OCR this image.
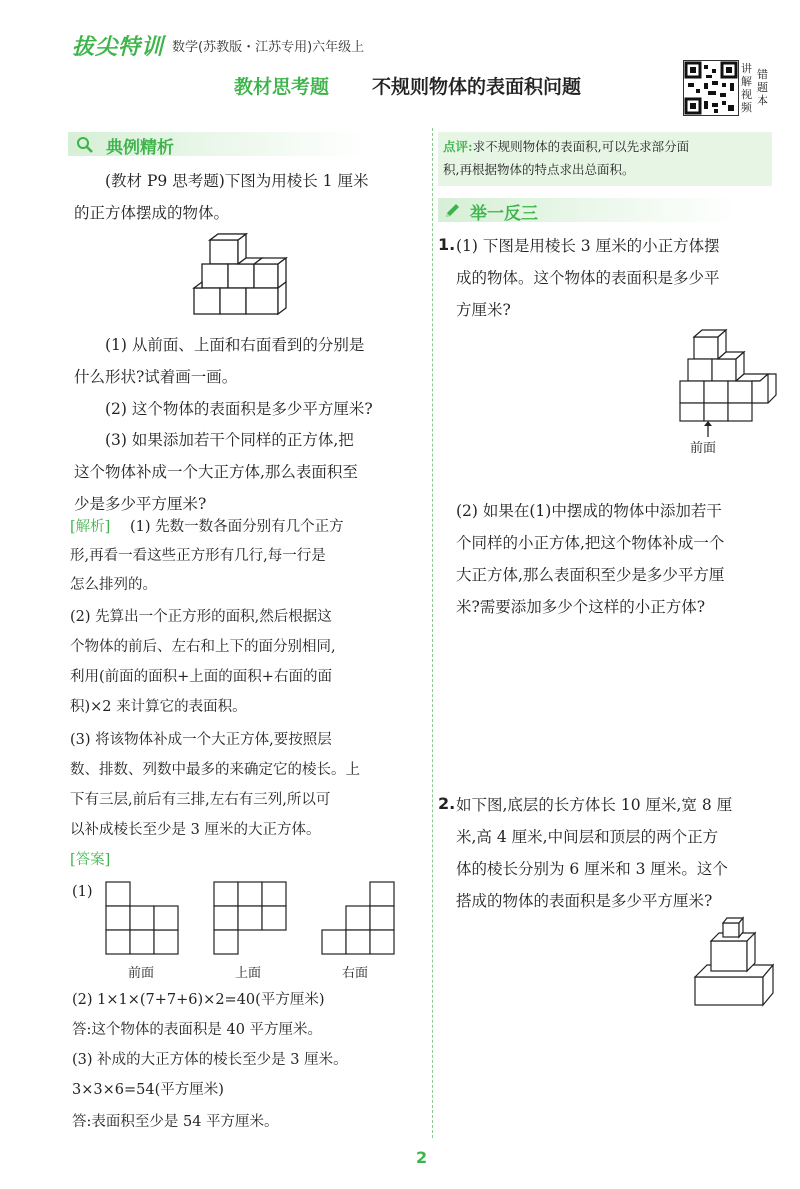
拔尖特训 数学(苏教版・江苏专用)六年级上
教材思考题 不规则物体的表面积问题
讲解视频
错题本
典例精析
(教材 P9 思考题)下图为用棱长 1 厘米
的正方体摆成的物体。
(1) 从前面、上面和右面看到的分别是
什么形状?试着画一画。
(2) 这个物体的表面积是多少平方厘米?
(3) 如果添加若干个同样的正方体,把
这个物体补成一个大正方体,那么表面积至
少是多少平方厘米?
[解析] (1) 先数一数各面分别有几个正方
形,再看一看这些正方形有几行,每一行是
怎么排列的。
(2) 先算出一个正方形的面积,然后根据这
个物体的前后、左右和上下的面分别相同,
利用(前面的面积+上面的面积+右面的面
积)×2 来计算它的表面积。
(3) 将该物体补成一个大正方体,要按照层
数、排数、列数中最多的来确定它的棱长。上
下有三层,前后有三排,左右有三列,所以可
以补成棱长至少是 3 厘米的大正方体。
[答案]
(1)
前面	上面	右面
(2) 1×1×(7+7+6)×2=40(平方厘米)
答:这个物体的表面积是 40 平方厘米。
(3) 补成的大正方体的棱长至少是 3 厘米。
3×3×6=54(平方厘米)
答:表面积至少是 54 平方厘米。
点评:求不规则物体的表面积,可以先求部分面
积,再根据物体的特点求出总面积。
举一反三
1. (1) 下图是用棱长 3 厘米的小正方体摆
成的物体。这个物体的表面积是多少平
方厘米?
前面
(2) 如果在(1)中摆成的物体中添加若干
个同样的小正方体,把这个物体补成一个
大正方体,那么表面积至少是多少平方厘
米?需要添加多少个这样的小正方体?
2. 如下图,底层的长方体长 10 厘米,宽 8 厘
米,高 4 厘米,中间层和顶层的两个正方
体的棱长分别为 6 厘米和 3 厘米。这个
搭成的物体的表面积是多少平方厘米?
2
